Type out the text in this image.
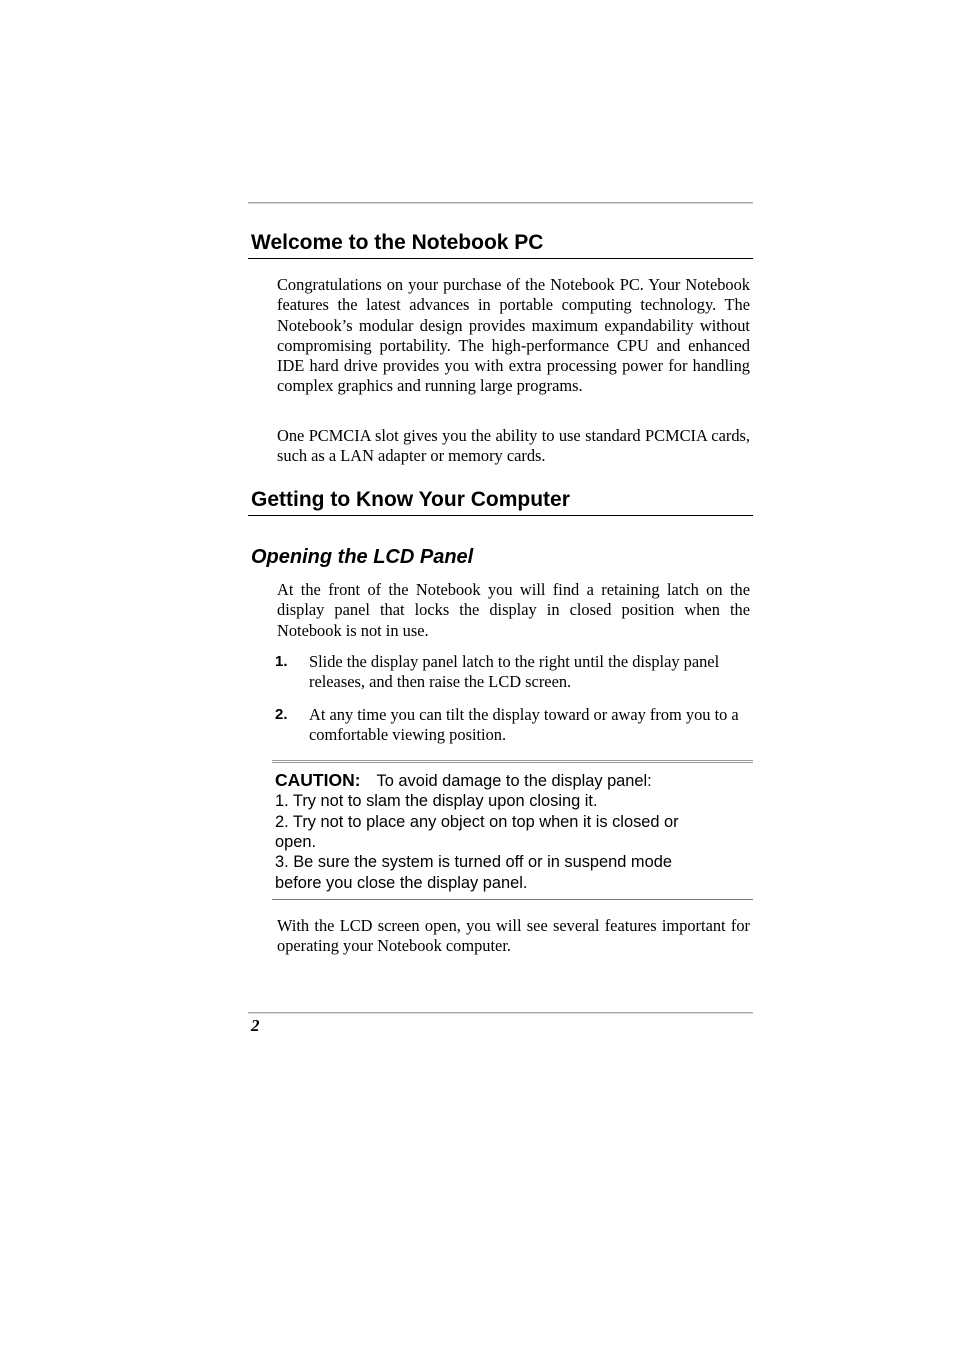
Welcome to the Notebook PC

Congratulations on your purchase of the Notebook PC. Your Notebook features the latest advances in portable computing technology. The Notebook’s modular design provides maximum expandability without compromising portability. The high-performance CPU and enhanced IDE hard drive provides you with extra processing power for handling complex graphics and running large programs.

One PCMCIA slot gives you the ability to use standard PCMCIA cards, such as a LAN adapter or memory cards.

Getting to Know Your Computer
Opening the LCD Panel

At the front of the Notebook you will find a retaining latch on the display panel that locks the display in closed position when the Notebook is not in use.

1. Slide the display panel latch to the right until the display panel releases, and then raise the LCD screen.
2. At any time you can tilt the display toward or away from you to a comfortable viewing position.
CAUTION: To avoid damage to the display panel:
1. Try not to slam the display upon closing it.
2. Try not to place any object on top when it is closed or
open.
3. Be sure the system is turned off or in suspend mode
before you close the display panel.

With the LCD screen open, you will see several features important for operating your Notebook computer.

2
